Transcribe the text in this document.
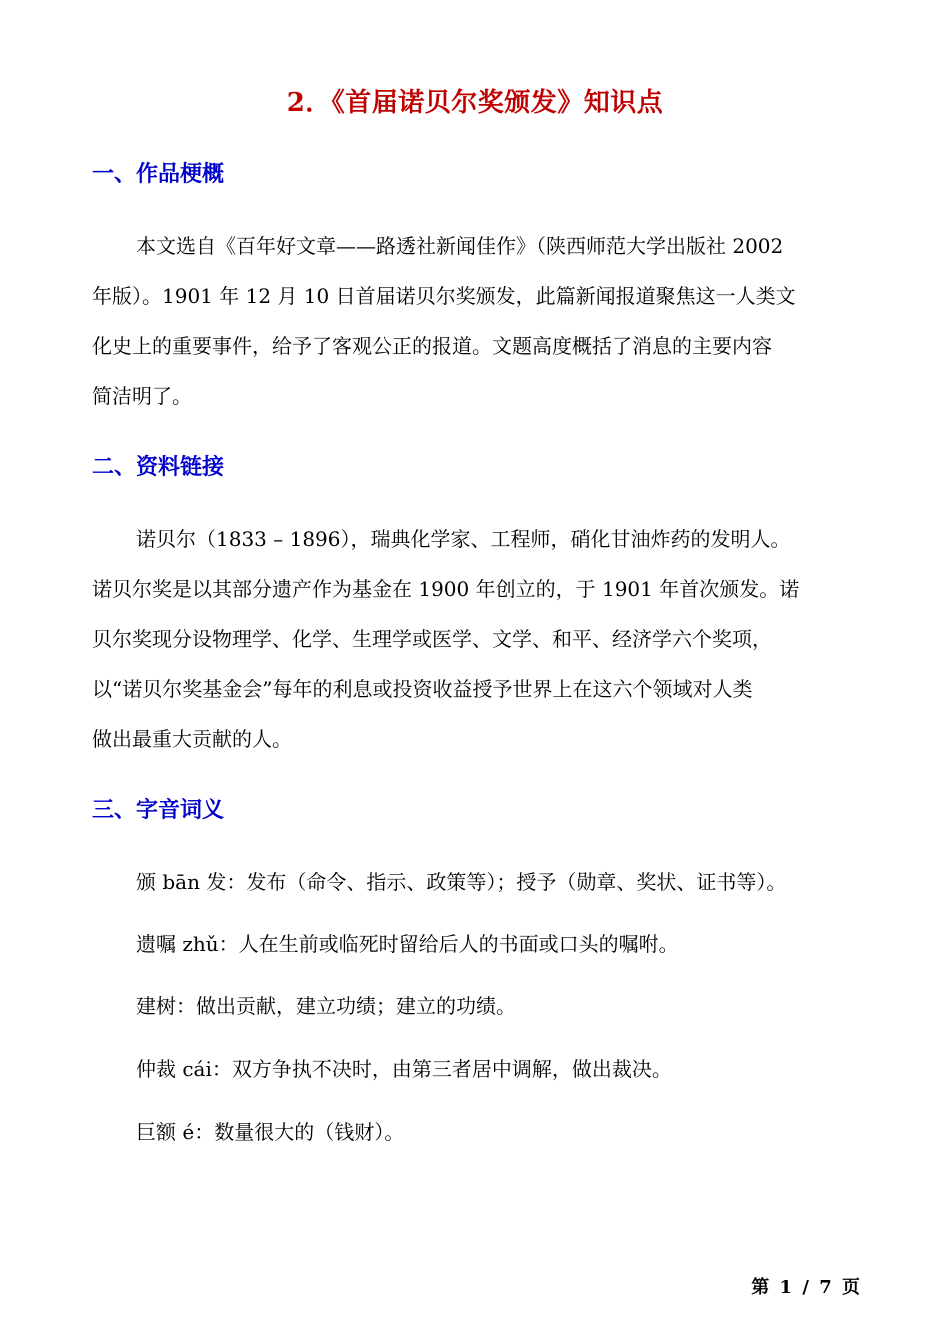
2．《首届诺贝尔奖颁发》知识点
一、作品梗概
本文选自《百年好文章——路透社新闻佳作》（陕西师范大学出版社 2002
年版）。1901 年 12 月 10 日首届诺贝尔奖颁发，此篇新闻报道聚焦这一人类文
化史上的重要事件，给予了客观公正的报道。文题高度概括了消息的主要内容
简洁明了。
二、资料链接
诺贝尔（1833 – 1896），瑞典化学家、工程师，硝化甘油炸药的发明人。
诺贝尔奖是以其部分遗产作为基金在 1900 年创立的，于 1901 年首次颁发。诺
贝尔奖现分设物理学、化学、生理学或医学、文学、和平、经济学六个奖项，
以“诺贝尔奖基金会”每年的利息或投资收益授予世界上在这六个领域对人类
做出最重大贡献的人。
三、字音词义
颁 bān 发：发布（命令、指示、政策等）；授予（勋章、奖状、证书等）。
遗嘱 zhǔ：人在生前或临死时留给后人的书面或口头的嘱咐。
建树：做出贡献，建立功绩；建立的功绩。
仲裁 cái：双方争执不决时，由第三者居中调解，做出裁决。
巨额 é：数量很大的（钱财）。
第 1 / 7 页
